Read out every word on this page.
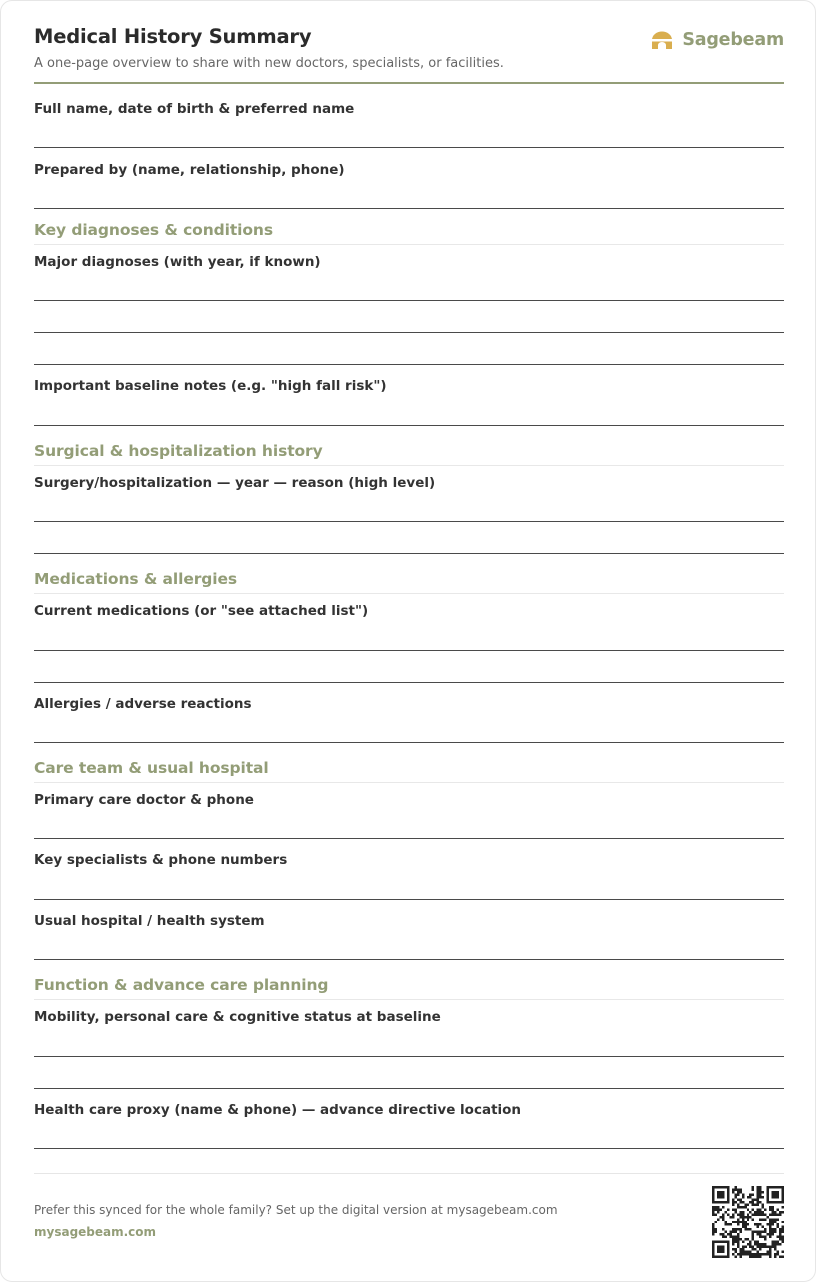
Medical History Summary
A one-page overview to share with new doctors, specialists, or facilities.
Sagebeam
Full name, date of birth & preferred name
Prepared by (name, relationship, phone)
Key diagnoses & conditions
Major diagnoses (with year, if known)
Important baseline notes (e.g. "high fall risk")
Surgical & hospitalization history
Surgery/hospitalization — year — reason (high level)
Medications & allergies
Current medications (or "see attached list")
Allergies / adverse reactions
Care team & usual hospital
Primary care doctor & phone
Key specialists & phone numbers
Usual hospital / health system
Function & advance care planning
Mobility, personal care & cognitive status at baseline
Health care proxy (name & phone) — advance directive location
Prefer this synced for the whole family? Set up the digital version at mysagebeam.com
mysagebeam.com
